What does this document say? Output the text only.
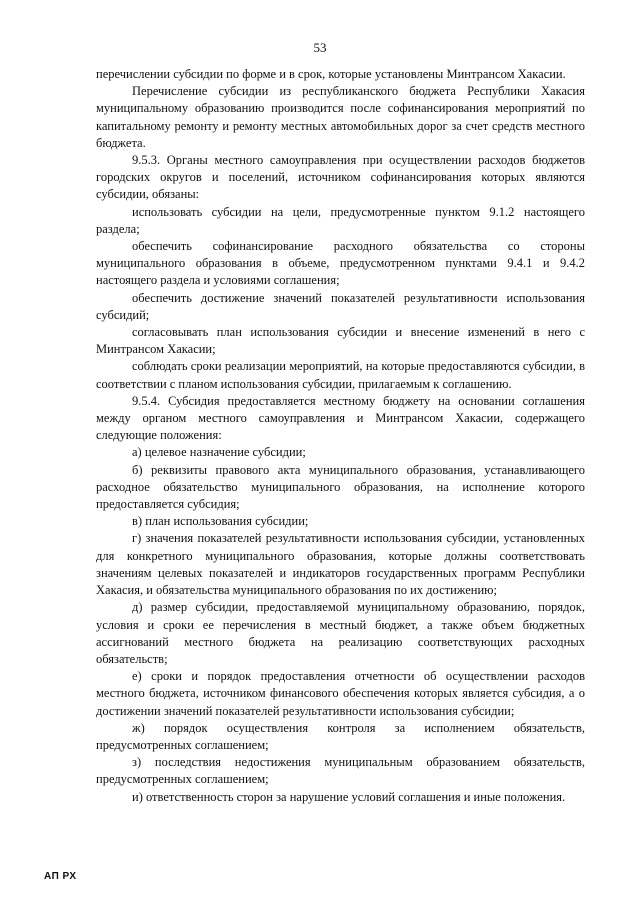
53

перечислении субсидии по форме и в срок, которые установлены Минтрансом Хакасии.

Перечисление субсидии из республиканского бюджета Республики Хакасия муниципальному образованию производится после софинансирования мероприятий по капитальному ремонту и ремонту местных автомобильных дорог за счет средств местного бюджета.

9.5.3. Органы местного самоуправления при осуществлении расходов бюджетов городских округов и поселений, источником софинансирования которых являются субсидии, обязаны:

использовать субсидии на цели, предусмотренные пунктом 9.1.2 настоящего раздела;

обеспечить софинансирование расходного обязательства со стороны муниципального образования в объеме, предусмотренном пунктами 9.4.1 и 9.4.2 настоящего раздела и условиями соглашения;

обеспечить достижение значений показателей результативности использования субсидий;

согласовывать план использования субсидии и внесение изменений в него с Минтрансом Хакасии;

соблюдать сроки реализации мероприятий, на которые предоставляются субсидии, в соответствии с планом использования субсидии, прилагаемым к соглашению.

9.5.4. Субсидия предоставляется местному бюджету на основании соглашения между органом местного самоуправления и Минтрансом Хакасии, содержащего следующие положения:

а) целевое назначение субсидии;

б) реквизиты правового акта муниципального образования, устанавливающего расходное обязательство муниципального образования, на исполнение которого предоставляется субсидия;

в) план использования субсидии;

г) значения показателей результативности использования субсидии, установленных для конкретного муниципального образования, которые должны соответствовать значениям целевых показателей и индикаторов государственных программ Республики Хакасия, и обязательства муниципального образования по их достижению;

д) размер субсидии, предоставляемой муниципальному образованию, порядок, условия и сроки ее перечисления в местный бюджет, а также объем бюджетных ассигнований местного бюджета на реализацию соответствующих расходных обязательств;

е) сроки и порядок предоставления отчетности об осуществлении расходов местного бюджета, источником финансового обеспечения которых является субсидия, а о достижении значений показателей результативности использования субсидии;

ж) порядок осуществления контроля за исполнением обязательств, предусмотренных соглашением;

з) последствия недостижения муниципальным образованием обязательств, предусмотренных соглашением;

и) ответственность сторон за нарушение условий соглашения и иные положения.

АП РХ
